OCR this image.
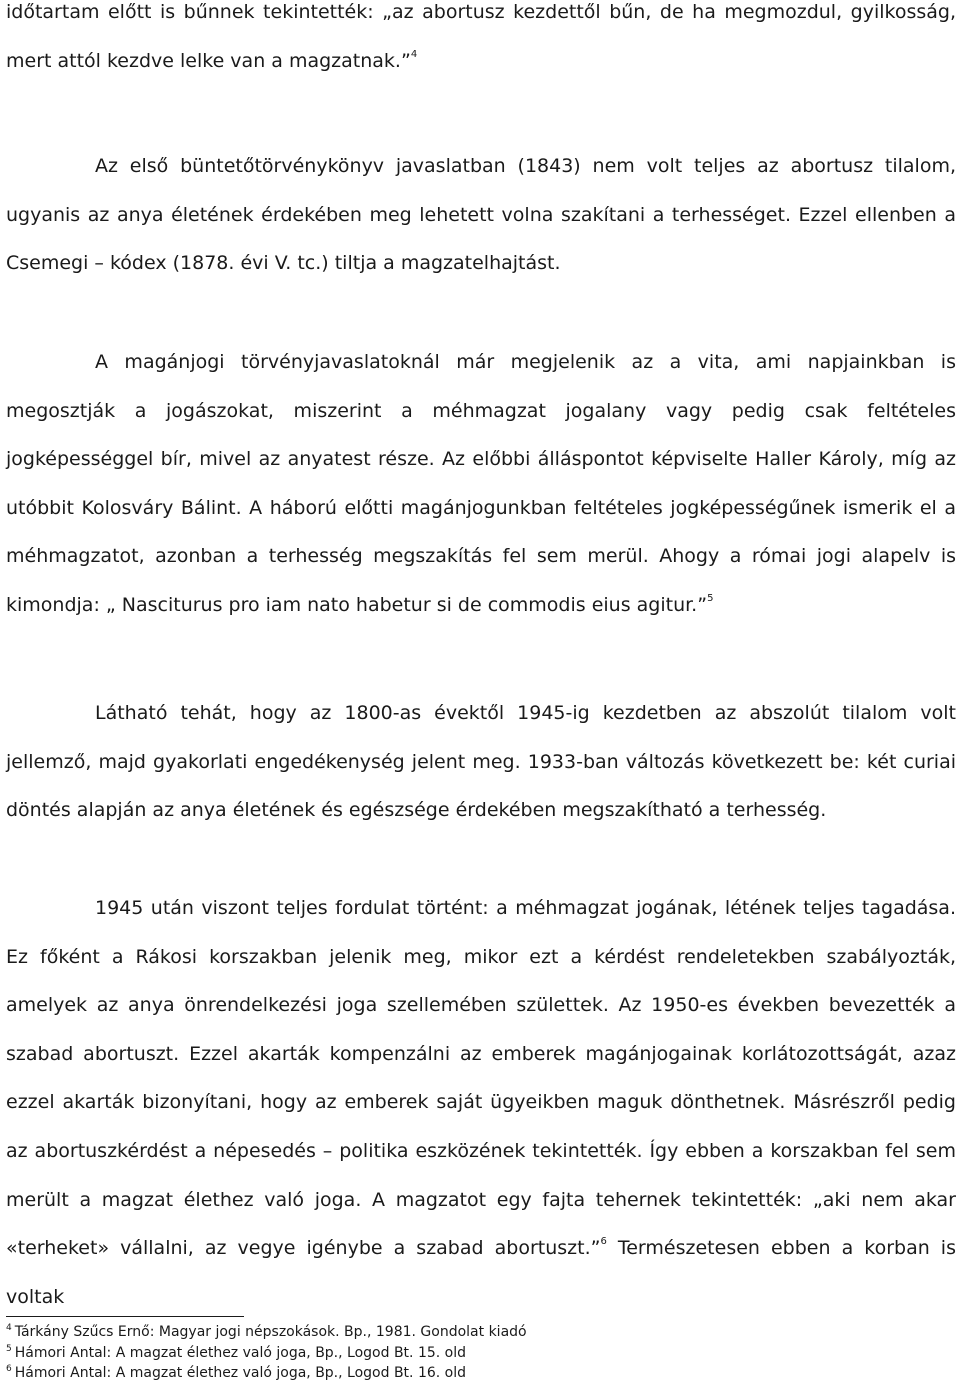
időtartam előtt is bűnnek tekintették: „az abortusz kezdettől bűn, de ha megmozdul, gyilkosság, mert attól kezdve lelke van a magzatnak.”$^4$

Az első büntetőtörvénykönyv javaslatban (1843) nem volt teljes az abortusz tilalom, ugyanis az anya életének érdekében meg lehetett volna szakítani a terhességet. Ezzel ellenben a Csemegi – kódex (1878. évi V. tc.) tiltja a magzatelhajtást.

A magánjogi törvényjavaslatoknál már megjelenik az a vita, ami napjainkban is megosztják a jogászokat, miszerint a méhmagzat jogalany vagy pedig csak feltételes jogképességgel bír, mivel az anyatest része. Az előbbi álláspontot képviselte Haller Károly, míg az utóbbit Kolosváry Bálint. A háború előtti magánjogunkban feltételes jogképességűnek ismerik el a méhmagzatot, azonban a terhesség megszakítás fel sem merül. Ahogy a római jogi alapelv is kimondja: „ Nasciturus pro iam nato habetur si de commodis eius agitur.”$^5$

Látható tehát, hogy az 1800-as évektől 1945-ig kezdetben az abszolút tilalom volt jellemző, majd gyakorlati engedékenység jelent meg. 1933-ban változás következett be: két curiai döntés alapján az anya életének és egészsége érdekében megszakítható a terhesség.

1945 után viszont teljes fordulat történt: a méhmagzat jogának, létének teljes tagadása. Ez főként a Rákosi korszakban jelenik meg, mikor ezt a kérdést rendeletekben szabályozták, amelyek az anya önrendelkezési joga szellemében születtek. Az 1950-es években bevezették a szabad abortuszt. Ezzel akarták kompenzálni az emberek magánjogainak korlátozottságát, azaz ezzel akarták bizonyítani, hogy az emberek saját ügyeikben maguk dönthetnek. Másrészről pedig az abortuszkérdést a népesedés – politika eszközének tekintették. Így ebben a korszakban fel sem merült a magzat élethez való joga. A magzatot egy fajta tehernek tekintették: „aki nem akar «terheket» vállalni, az vegye igénybe a szabad abortuszt.”$^6$ Természetesen ebben a korban is voltak

$^4$ Tárkány Szűcs Ernő: Magyar jogi népszokások. Bp., 1981. Gondolat kiadó

$^5$ Hámori Antal: A magzat élethez való joga, Bp., Logod Bt. 15. old

$^6$ Hámori Antal: A magzat élethez való joga, Bp., Logod Bt. 16. old
